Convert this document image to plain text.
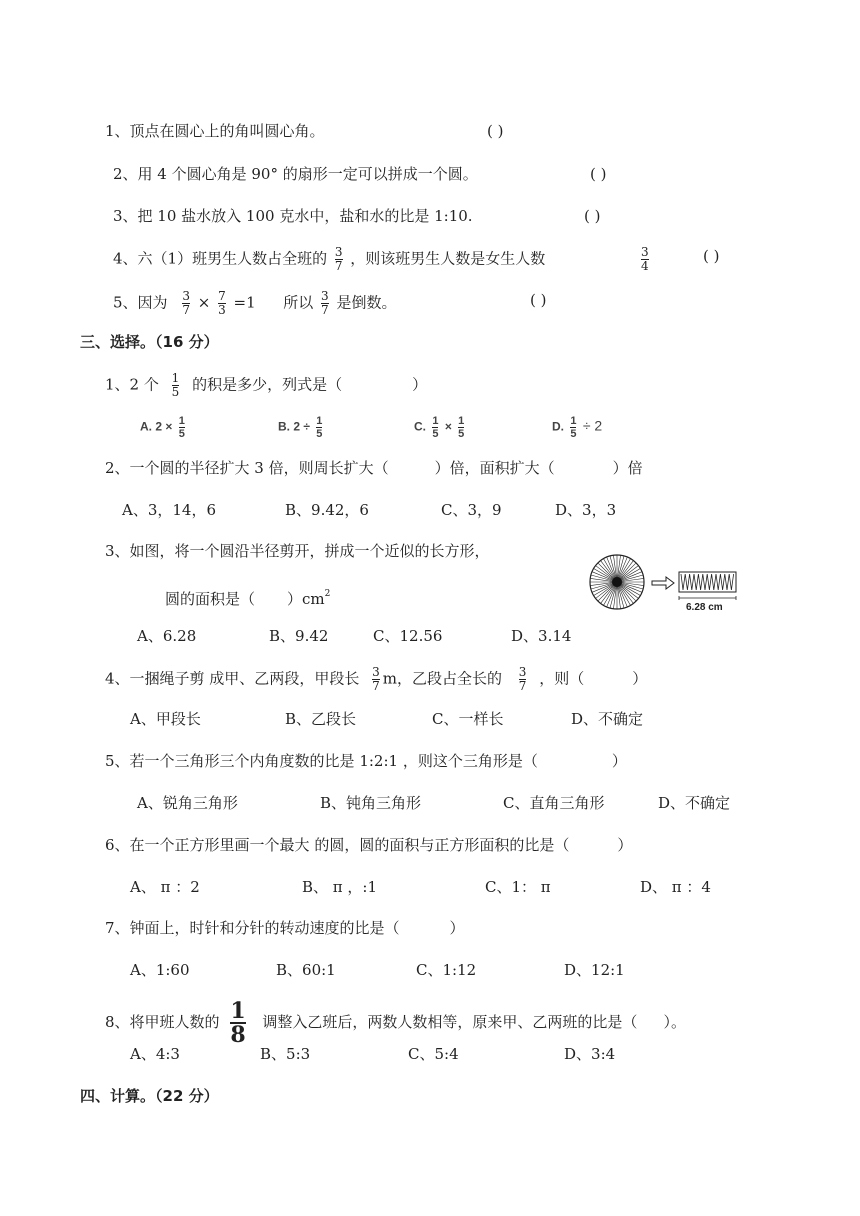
1、顶点在圆心上的角叫圆心角。	( )
2、用 4 个圆心角是 90° 的扇形一定可以拼成一个圆。	( )
3、把 10 盐水放入 100 克水中，盐和水的比是 1:10.	( )
4、六（1）班男生人数占全班的 $\frac{3}{7}$ ，则该班男生人数是女生人数	$\frac{3}{4}$	( )
5、因为 $\frac{3}{7} \times \frac{7}{3} =1$ 所以 $\frac{3}{7}$ 是倒数。	( )
三、选择。（16 分）
1、2 个 $\frac{1}{5}$ 的积是多少，列式是（	）
A. $2 \times \frac{1}{5}$	B. $2 \div \frac{1}{5}$	C. $\frac{1}{5} \times \frac{1}{5}$	D. $\frac{1}{5} \div 2$
2、一个圆的半径扩大 3 倍，则周长扩大（	）倍，面积扩大（	）倍
A、3，14，6	B、9.42，6	C、3，9	D、3，3
3、如图，将一个圆沿半径剪开，拼成一个近似的长方形，
圆的面积是（ ）$cm^2$
6.28 cm
A、6.28	B、9.42	C、12.56	D、3.14
4、一捆绳子剪 成甲、乙两段，甲段长 $\frac{3}{7}$ m，乙段占全长的 $\frac{3}{7}$ ，则（	）
A、甲段长	B、乙段长	C、一样长	D、不确定
5、若一个三角形三个内角度数的比是 1:2:1 ，则这个三角形是（	）
A、锐角三角形	B、钝角三角形	C、直角三角形	D、不确定
6、在一个正方形里画一个最大 的圆，圆的面积与正方形面积的比是（	）
A、 π ：2	B、 π ，:1	C、1： π	D、 π ：4
7、钟面上，时针和分针的转动速度的比是（	）
A、1:60	B、60:1	C、1:12	D、12:1
8、将甲班人数的 $\frac{1}{8}$ 调整入乙班后，两数人数相等，原来甲、乙两班的比是（ ）。
A、4:3	B、5:3	C、5:4	D、3:4
四、计算。（22 分）
